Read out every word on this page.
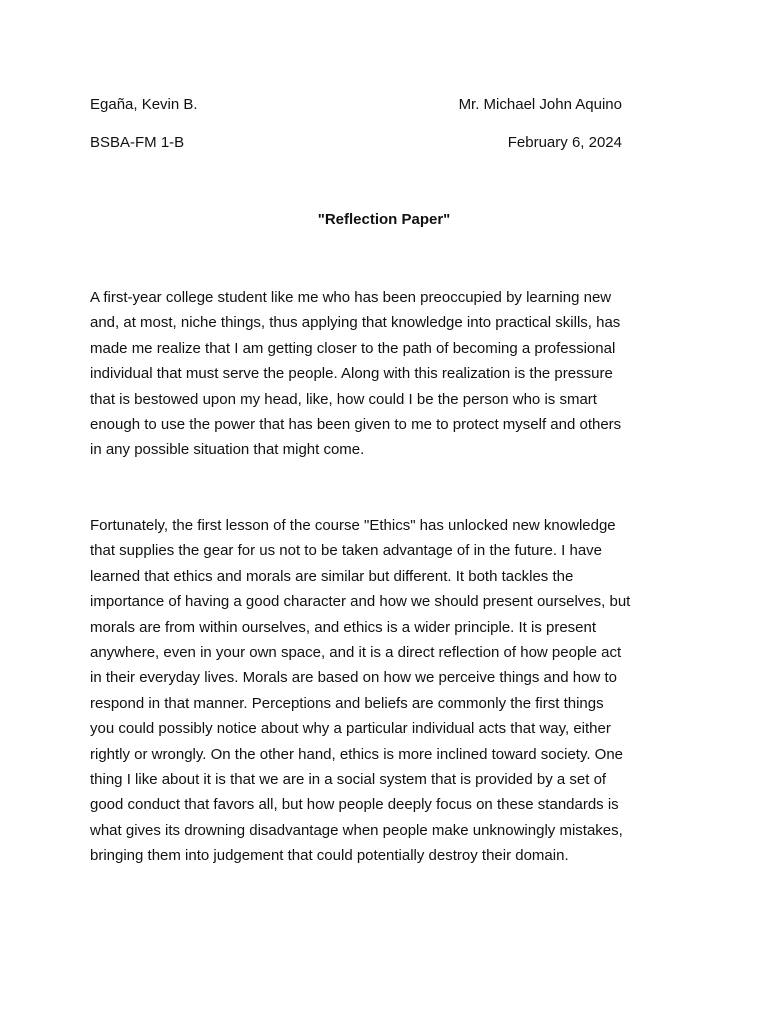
Egaña, Kevin B.	Mr. Michael John Aquino
BSBA-FM 1-B	February 6, 2024
"Reflection Paper"

A first-year college student like me who has been preoccupied by learning new
and, at most, niche things, thus applying that knowledge into practical skills, has
made me realize that I am getting closer to the path of becoming a professional
individual that must serve the people. Along with this realization is the pressure
that is bestowed upon my head, like, how could I be the person who is smart
enough to use the power that has been given to me to protect myself and others
in any possible situation that might come.

Fortunately, the first lesson of the course "Ethics" has unlocked new knowledge
that supplies the gear for us not to be taken advantage of in the future. I have
learned that ethics and morals are similar but different. It both tackles the
importance of having a good character and how we should present ourselves, but
morals are from within ourselves, and ethics is a wider principle. It is present
anywhere, even in your own space, and it is a direct reflection of how people act
in their everyday lives. Morals are based on how we perceive things and how to
respond in that manner. Perceptions and beliefs are commonly the first things
you could possibly notice about why a particular individual acts that way, either
rightly or wrongly. On the other hand, ethics is more inclined toward society. One
thing I like about it is that we are in a social system that is provided by a set of
good conduct that favors all, but how people deeply focus on these standards is
what gives its drowning disadvantage when people make unknowingly mistakes,
bringing them into judgement that could potentially destroy their domain.
